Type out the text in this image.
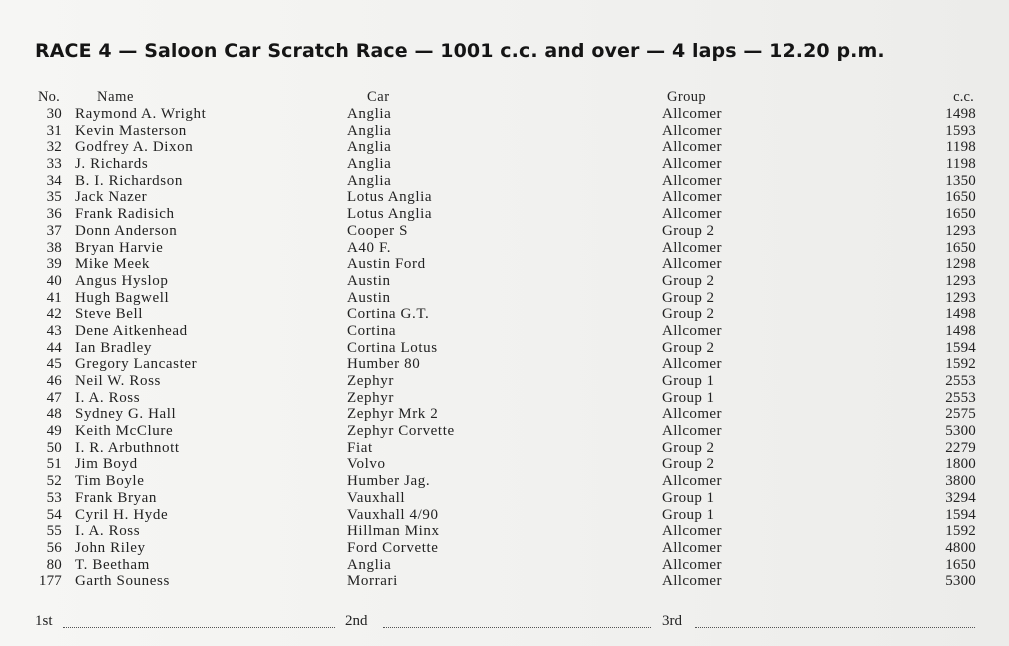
RACE 4 — Saloon Car Scratch Race — 1001 c.c. and over — 4 laps — 12.20 p.m.
No.	Name	Car	Group	c.c.
30 Raymond A. Wright	Anglia	Allcomer	1498
31 Kevin Masterson	Anglia	Allcomer	1593
32 Godfrey A. Dixon	Anglia	Allcomer	1198
33 J. Richards	Anglia	Allcomer	1198
34 B. I. Richardson	Anglia	Allcomer	1350
35 Jack Nazer	Lotus Anglia	Allcomer	1650
36 Frank Radisich	Lotus Anglia	Allcomer	1650
37 Donn Anderson	Cooper S	Group 2	1293
38 Bryan Harvie	A40 F.	Allcomer	1650
39 Mike Meek	Austin Ford	Allcomer	1298
40 Angus Hyslop	Austin	Group 2	1293
41 Hugh Bagwell	Austin	Group 2	1293
42 Steve Bell	Cortina G.T.	Group 2	1498
43 Dene Aitkenhead	Cortina	Allcomer	1498
44 Ian Bradley	Cortina Lotus	Group 2	1594
45 Gregory Lancaster	Humber 80	Allcomer	1592
46 Neil W. Ross	Zephyr	Group 1	2553
47 I. A. Ross	Zephyr	Group 1	2553
48 Sydney G. Hall	Zephyr Mrk 2	Allcomer	2575
49 Keith McClure	Zephyr Corvette	Allcomer	5300
50 I. R. Arbuthnott	Fiat	Group 2	2279
51 Jim Boyd	Volvo	Group 2	1800
52 Tim Boyle	Humber Jag.	Allcomer	3800
53 Frank Bryan	Vauxhall	Group 1	3294
54 Cyril H. Hyde	Vauxhall 4/90	Group 1	1594
55 I. A. Ross	Hillman Minx	Allcomer	1592
56 John Riley	Ford Corvette	Allcomer	4800
80 T. Beetham	Anglia	Allcomer	1650
177 Garth Souness	Morrari	Allcomer	5300
1st	2nd	3rd
